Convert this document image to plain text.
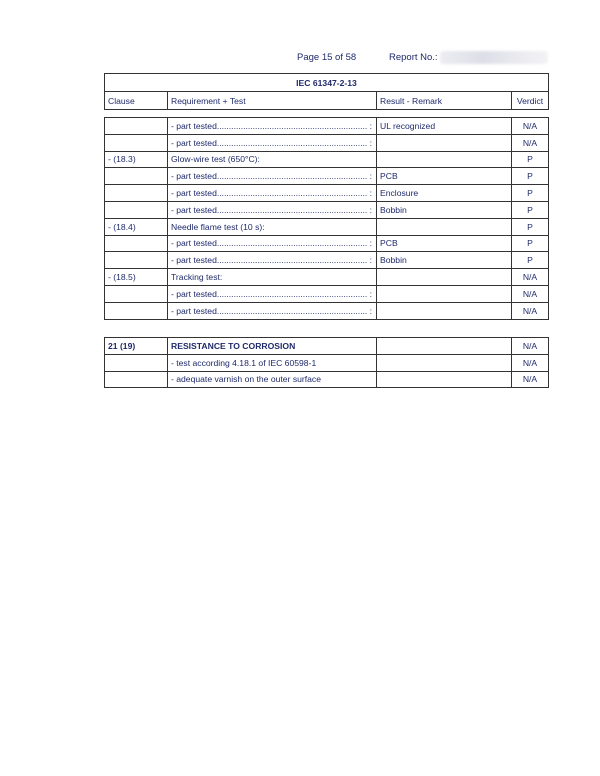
Page 15 of 58	Report No.:
IEC 61347-2-13			
Clause	Requirement + Test	Result - Remark	Verdict

	- part tested............................................................... :	UL recognized	N/A
	- part tested............................................................... :		N/A
- (18.3)	Glow-wire test (650°C):		P
	- part tested............................................................... :	PCB	P
	- part tested............................................................... :	Enclosure	P
	- part tested............................................................... :	Bobbin	P
- (18.4)	Needle flame test (10 s):		P
	- part tested............................................................... :	PCB	P
	- part tested............................................................... :	Bobbin	P
- (18.5)	Tracking test:		N/A
	- part tested............................................................... :		N/A
	- part tested............................................................... :		N/A
21 (19)	RESISTANCE TO CORROSION		N/A
	- test according 4.18.1 of IEC 60598-1		N/A
	- adequate varnish on the outer surface		N/A
